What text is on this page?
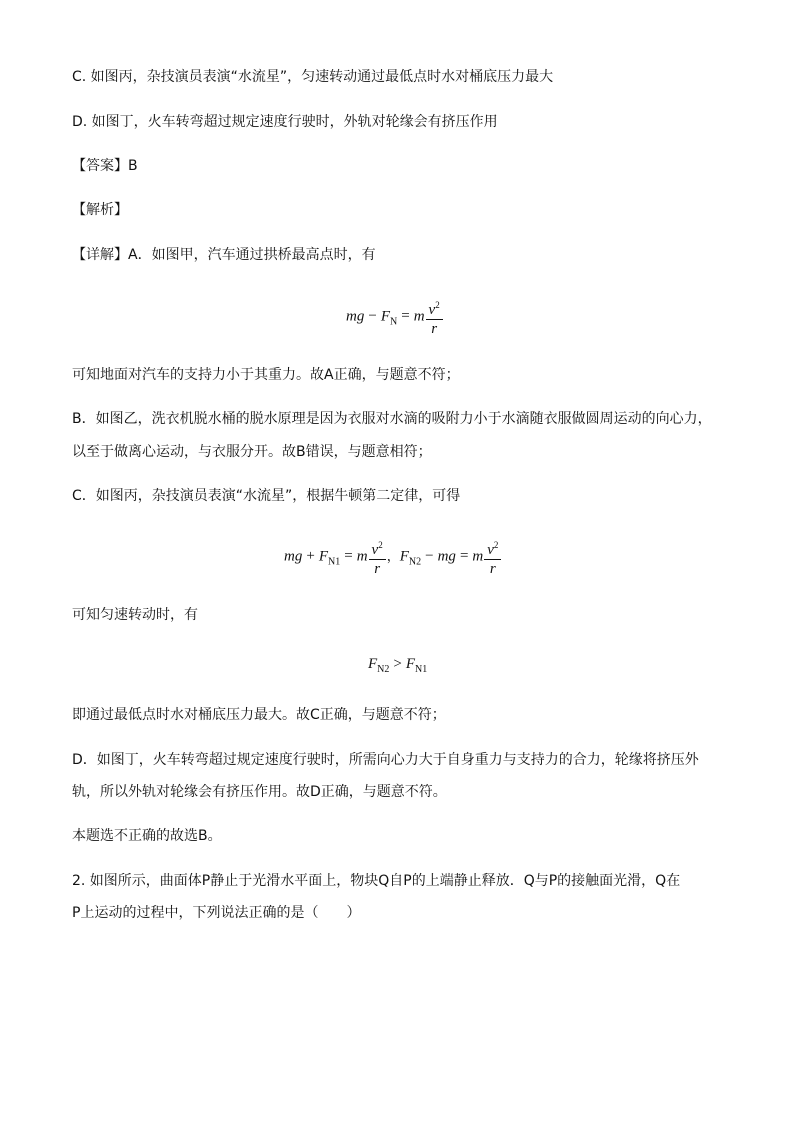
C. 如图丙，杂技演员表演“水流星”，匀速转动通过最低点时水对桶底压力最大
D. 如图丁，火车转弯超过规定速度行驶时，外轨对轮缘会有挤压作用
【答案】B
【解析】
【详解】A．如图甲，汽车通过拱桥最高点时，有
mg − $F_N = m \frac{v^2}{r}$
可知地面对汽车的支持力小于其重力。故A正确，与题意不符；
B．如图乙，洗衣机脱水桶的脱水原理是因为衣服对水滴的吸附力小于水滴随衣服做圆周运动的向心力，
以至于做离心运动，与衣服分开。故B错误，与题意相符；
C．如图丙，杂技演员表演“水流星”，根据牛顿第二定律，可得
mg + $F_{N1} = m \frac{v^2}{r}$ ，$F_{N2}$ − mg = m $\frac{v^2}{r}$
可知匀速转动时，有
$F_{N2} > F_{N1}$
即通过最低点时水对桶底压力最大。故C正确，与题意不符；
D．如图丁，火车转弯超过规定速度行驶时，所需向心力大于自身重力与支持力的合力，轮缘将挤压外
轨，所以外轨对轮缘会有挤压作用。故D正确，与题意不符。
本题选不正确的故选B。
2. 如图所示，曲面体P静止于光滑水平面上，物块Q自P的上端静止释放．Q与P的接触面光滑，Q在
P上运动的过程中，下列说法正确的是（　　）
